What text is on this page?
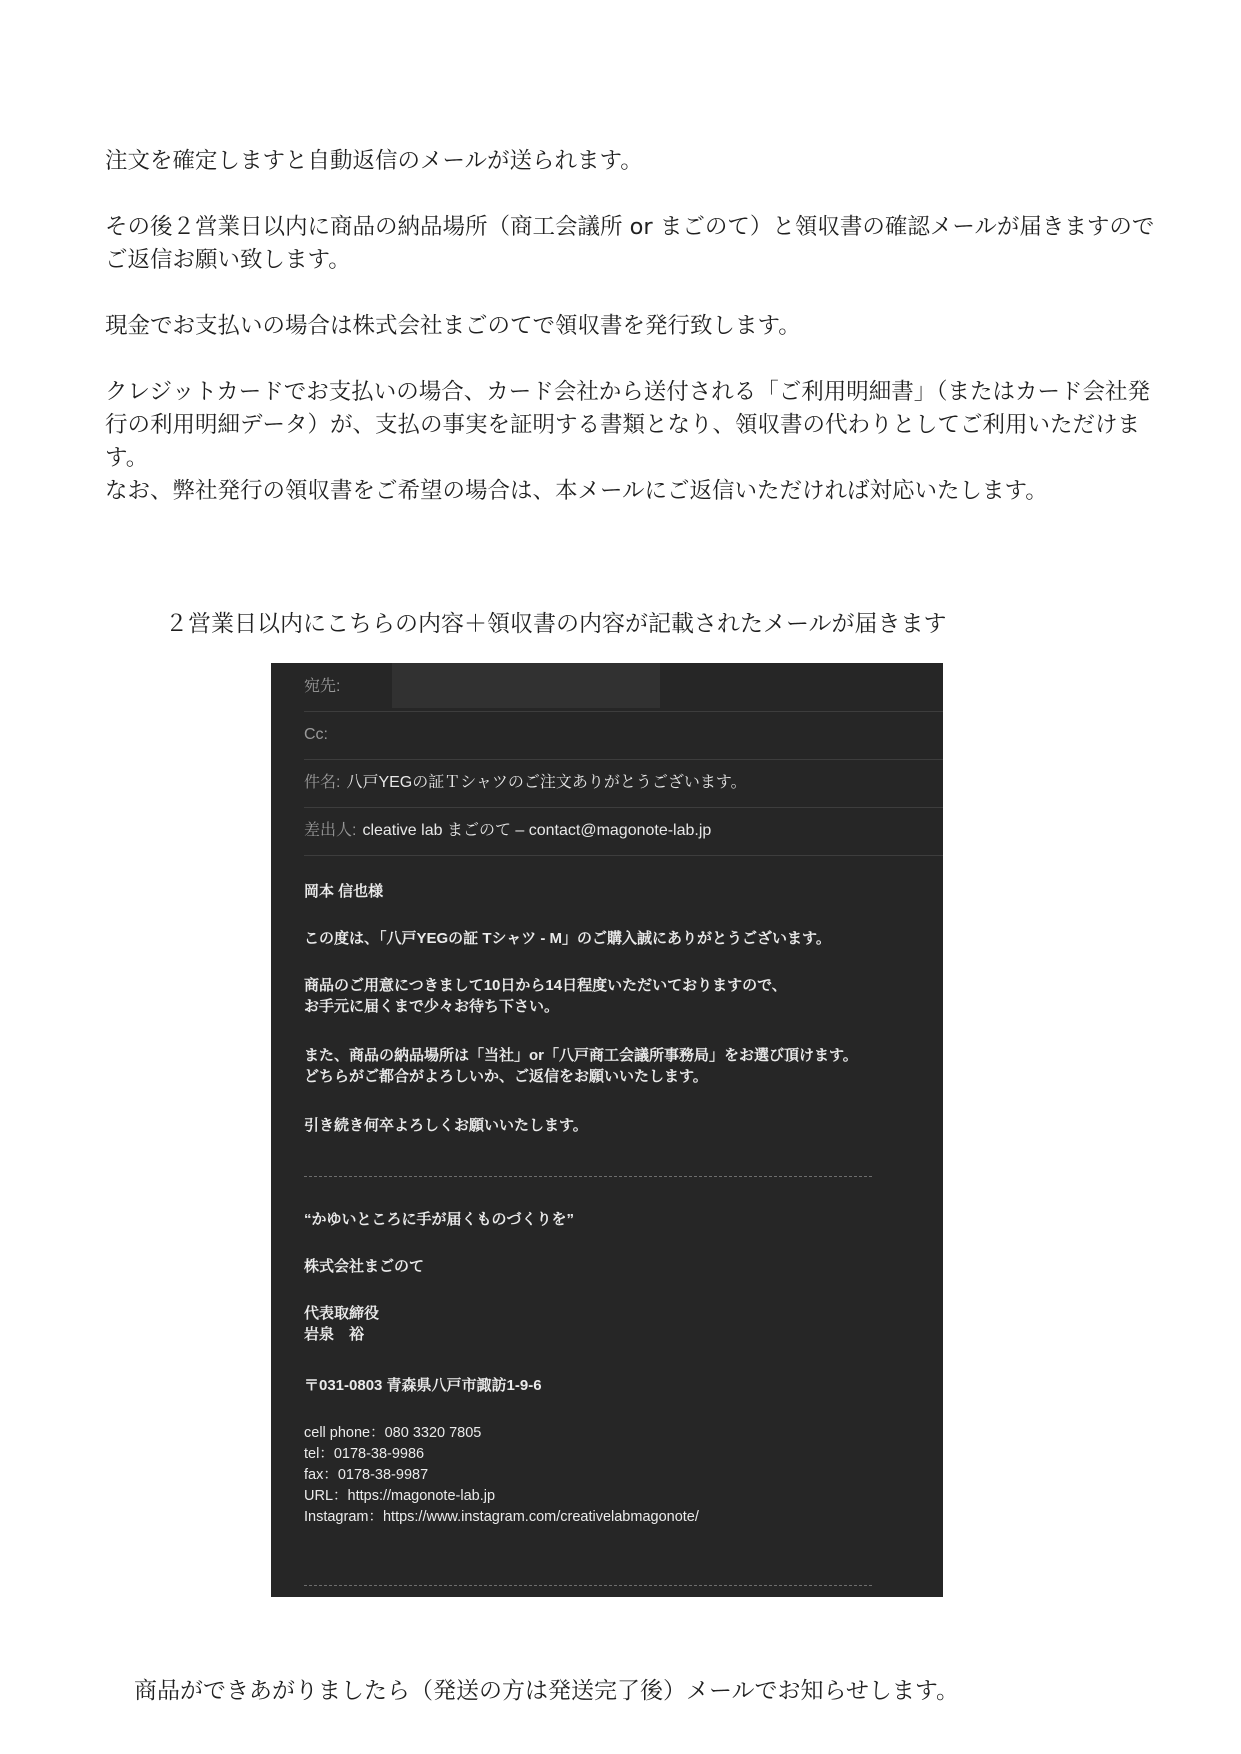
注文を確定しますと自動返信のメールが送られます。

その後２営業日以内に商品の納品場所（商工会議所 or まごのて）と領収書の確認メールが届きますのでご返信お願い致します。

現金でお支払いの場合は株式会社まごのてで領収書を発行致します。

クレジットカードでお支払いの場合、カード会社から送付される「ご利用明細書」（またはカード会社発行の利用明細データ）が、支払の事実を証明する書類となり、領収書の代わりとしてご利用いただけます。
なお、弊社発行の領収書をご希望の場合は、本メールにご返信いただければ対応いたします。

２営業日以内にこちらの内容＋領収書の内容が記載されたメールが届きます
宛先:
Cc:
件名: 八戸YEGの証Ｔシャツのご注文ありがとうございます。
差出人: cleative lab まごのて – contact@magonote-lab.jp
岡本 信也様
この度は、「八戸YEGの証 Tシャツ - M」のご購入誠にありがとうございます。
商品のご用意につきまして10日から14日程度いただいておりますので、
お手元に届くまで少々お待ち下さい。
また、商品の納品場所は「当社」or「八戸商工会議所事務局」をお選び頂けます。
どちらがご都合がよろしいか、ご返信をお願いいたします。
引き続き何卒よろしくお願いいたします。
“かゆいところに手が届くものづくりを”
株式会社まごのて
代表取締役
岩泉　裕
〒031-0803 青森県八戸市諏訪1-9-6
cell phone：080 3320 7805
tel：0178-38-9986
fax：0178-38-9987
URL：https://magonote-lab.jp
Instagram：https://www.instagram.com/creativelabmagonote/
商品ができあがりましたら（発送の方は発送完了後）メールでお知らせします。
